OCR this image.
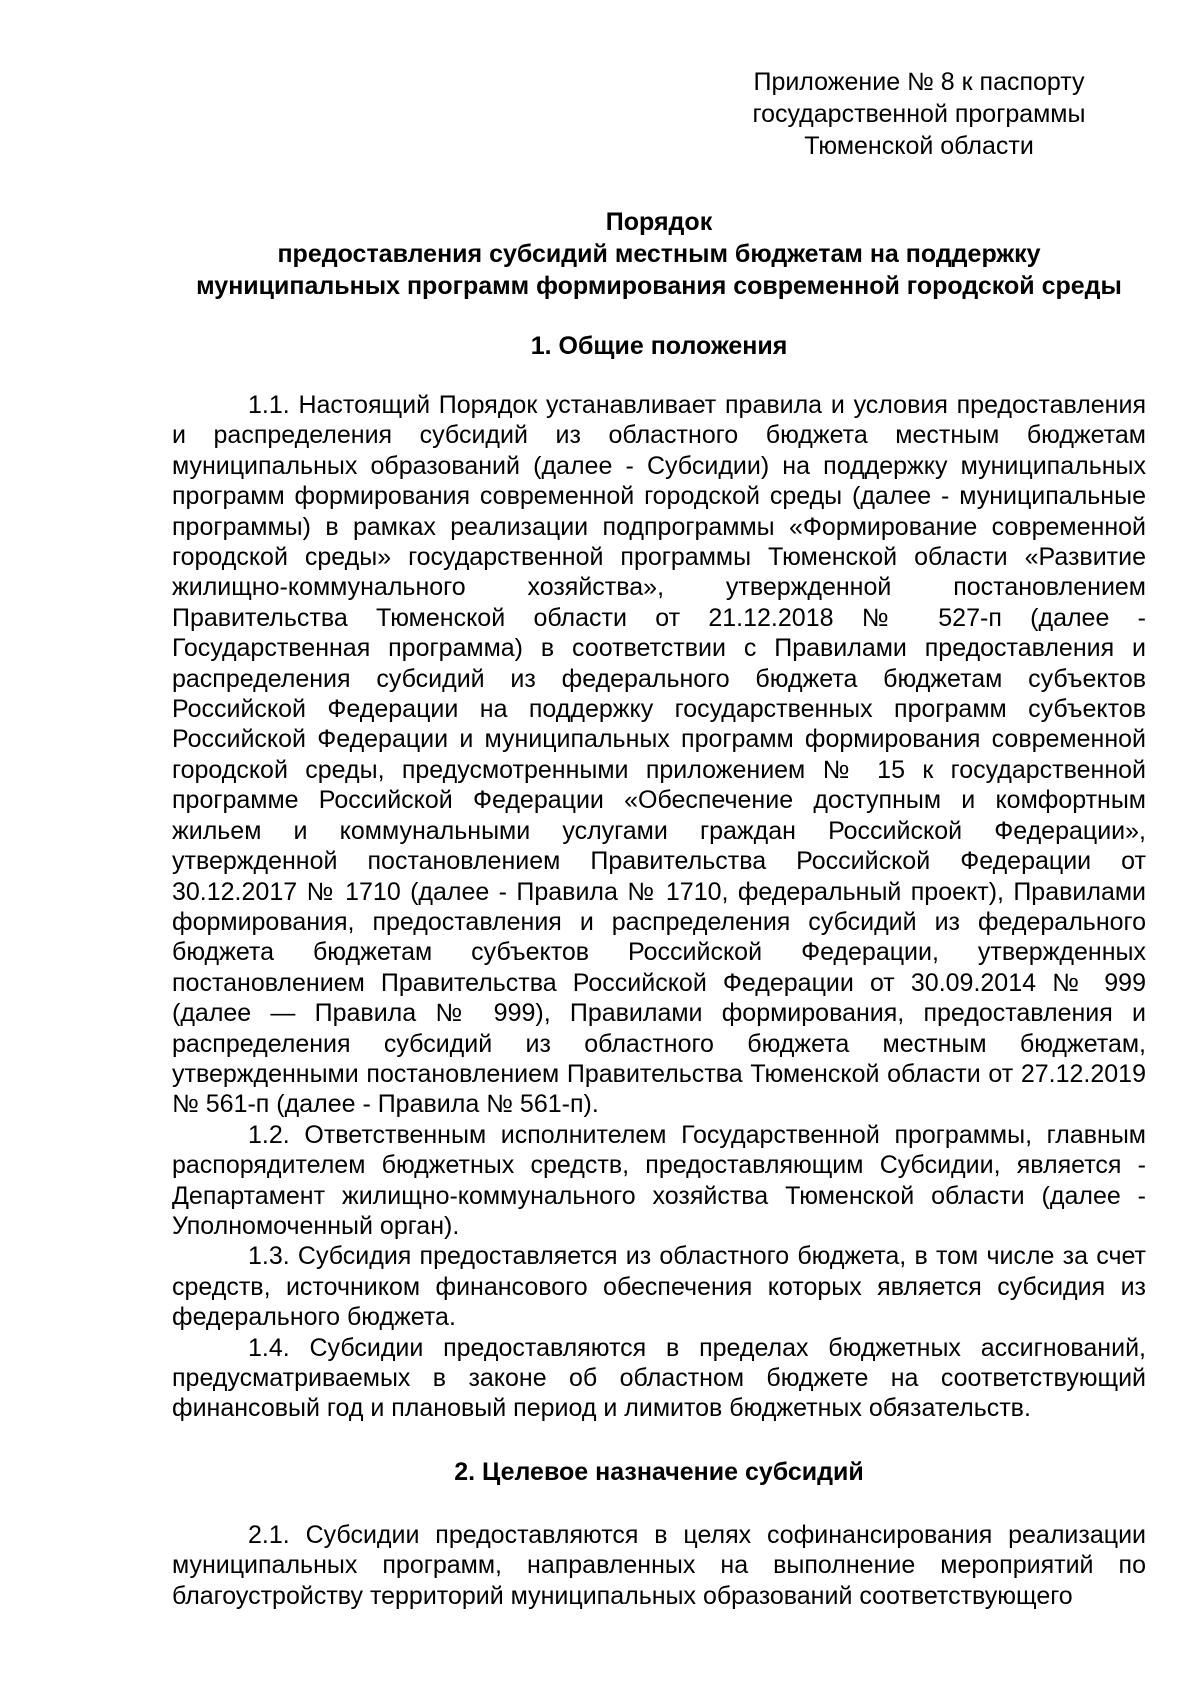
Приложение № 8 к паспорту
государственной программы
Тюменской области
Порядок
предоставления субсидий местным бюджетам на поддержку
муниципальных программ формирования современной городской среды
1. Общие положения

1.1. Настоящий Порядок устанавливает правила и условия предоставления и распределения субсидий из областного бюджета местным бюджетам муниципальных образований (далее - Субсидии) на поддержку муниципальных программ формирования современной городской среды (далее - муниципальные программы) в рамках реализации подпрограммы «Формирование современной городской среды» государственной программы Тюменской области «Развитие жилищно-коммунального хозяйства», утвержденной постановлением Правительства Тюменской области от 21.12.2018 № 527-п (далее - Государственная программа) в соответствии с Правилами предоставления и распределения субсидий из федерального бюджета бюджетам субъектов Российской Федерации на поддержку государственных программ субъектов Российской Федерации и муниципальных программ формирования современной городской среды, предусмотренными приложением № 15 к государственной программе Российской Федерации «Обеспечение доступным и комфортным жильем и коммунальными услугами граждан Российской Федерации», утвержденной постановлением Правительства Российской Федерации от 30.12.2017 № 1710 (далее - Правила № 1710, федеральный проект), Правилами формирования, предоставления и распределения субсидий из федерального бюджета бюджетам субъектов Российской Федерации, утвержденных постановлением Правительства Российской Федерации от 30.09.2014 № 999 (далее — Правила № 999), Правилами формирования, предоставления и распределения субсидий из областного бюджета местным бюджетам, утвержденными постановлением Правительства Тюменской области от 27.12.2019 № 561-п (далее - Правила № 561-п).

1.2. Ответственным исполнителем Государственной программы, главным распорядителем бюджетных средств, предоставляющим Субсидии, является - Департамент жилищно-коммунального хозяйства Тюменской области (далее - Уполномоченный орган).

1.3. Субсидия предоставляется из областного бюджета, в том числе за счет средств, источником финансового обеспечения которых является субсидия из федерального бюджета.

1.4. Субсидии предоставляются в пределах бюджетных ассигнований, предусматриваемых в законе об областном бюджете на соответствующий финансовый год и плановый период и лимитов бюджетных обязательств.

2. Целевое назначение субсидий

2.1. Субсидии предоставляются в целях софинансирования реализации муниципальных программ, направленных на выполнение мероприятий по благоустройству территорий муниципальных образований соответствующего
